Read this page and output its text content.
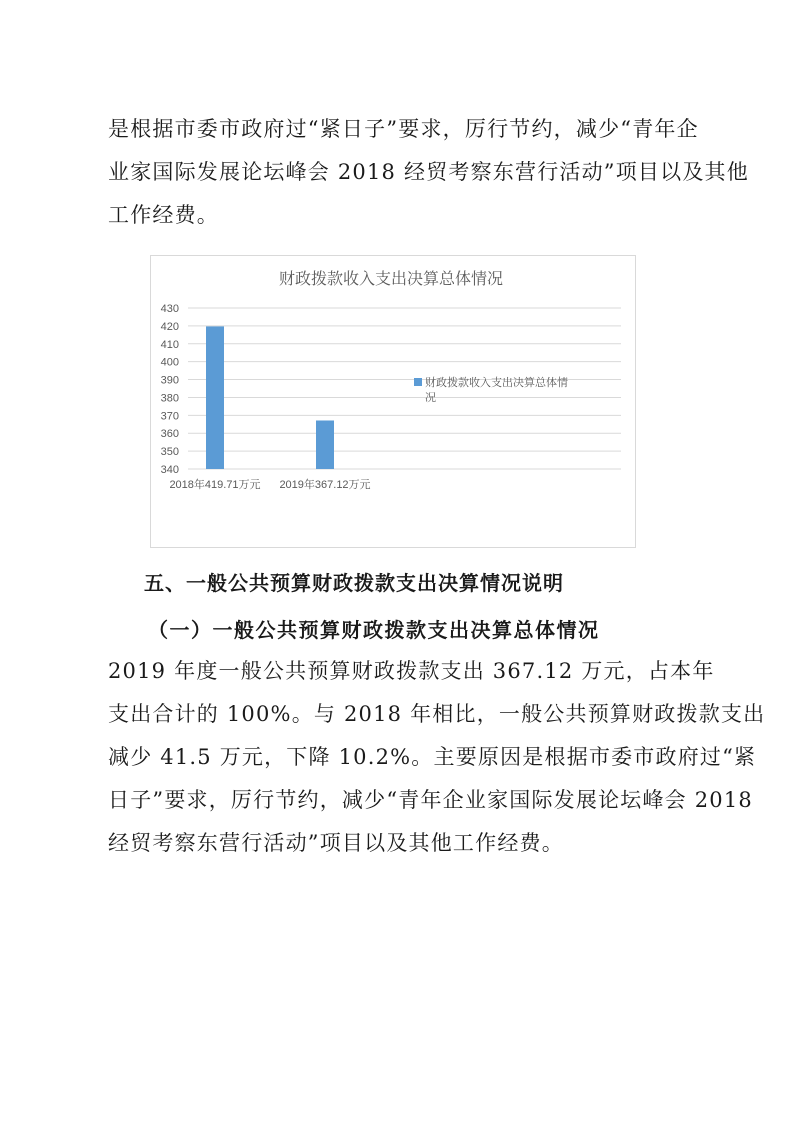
是根据市委市政府过“紧日子”要求，厉行节约，减少“青年企
业家国际发展论坛峰会 2018 经贸考察东营行活动”项目以及其他
工作经费。
财政拨款收入支出决算总体情况
340
350
360
370
380
390
400
410
420
430
2018年419.71万元 2019年367.12万元
财政拨款收入支出决算总体情
况
五、一般公共预算财政拨款支出决算情况说明
（一）一般公共预算财政拨款支出决算总体情况
2019 年度一般公共预算财政拨款支出 367.12 万元，占本年
支出合计的 100%。与 2018 年相比，一般公共预算财政拨款支出
减少 41.5 万元，下降 10.2%。主要原因是根据市委市政府过“紧
日子”要求，厉行节约，减少“青年企业家国际发展论坛峰会 2018
经贸考察东营行活动”项目以及其他工作经费。
